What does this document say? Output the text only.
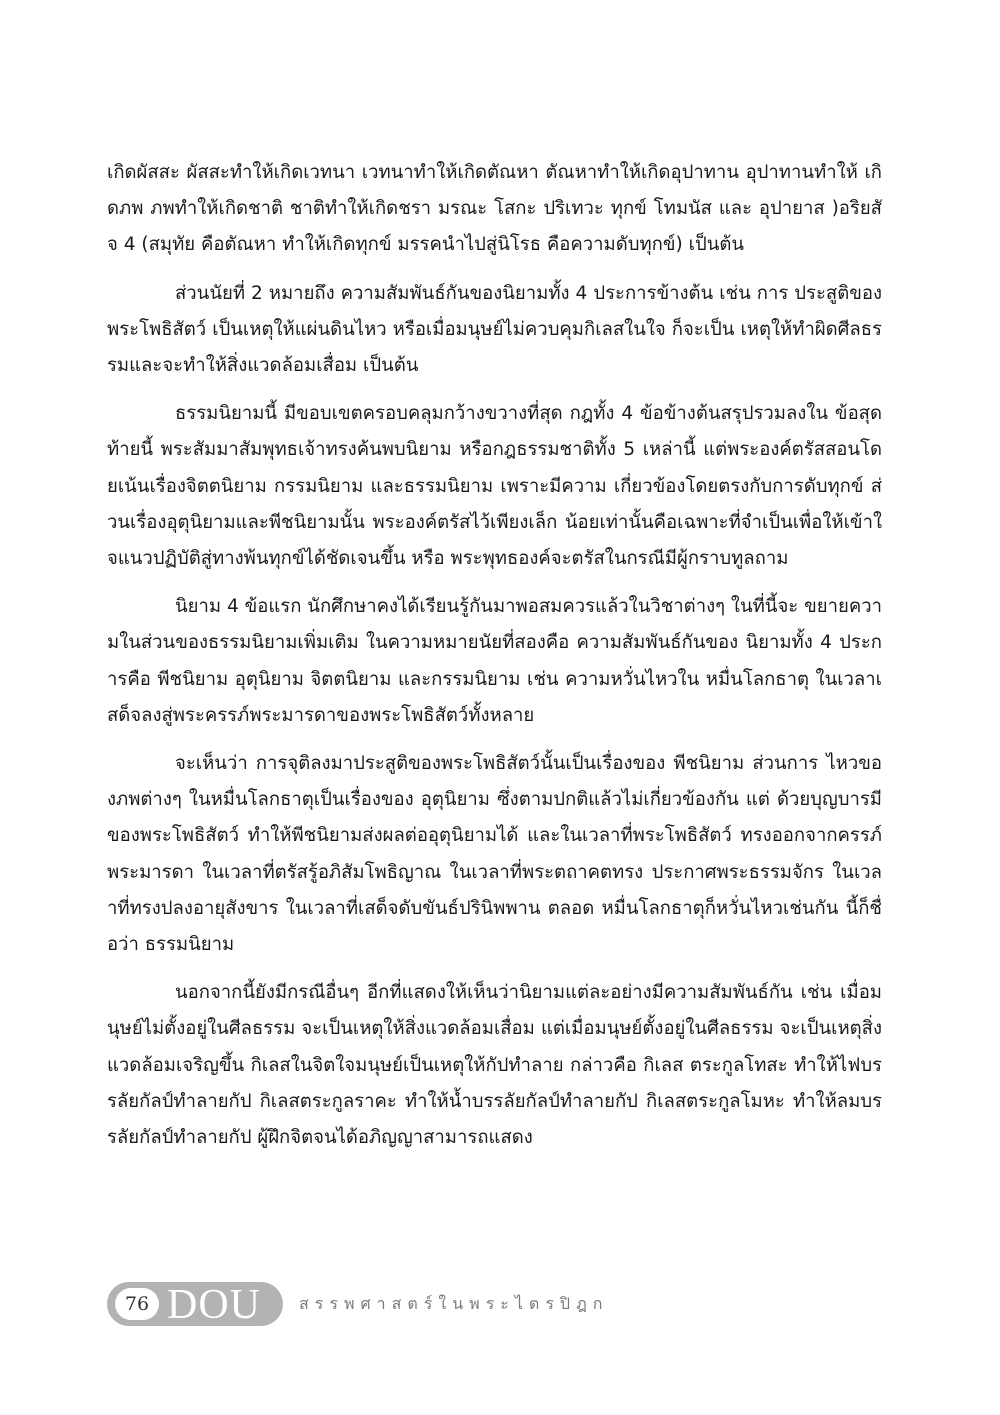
เกิดผัสสะ ผัสสะทำให้เกิดเวทนา เวทนาทำให้เกิดตัณหา ตัณหาทำให้เกิดอุปาทาน อุปาทานทำให้ เกิดภพ ภพทำให้เกิดชาติ ชาติทำให้เกิดชรา มรณะ โสกะ ปริเทวะ ทุกข์ โทมนัส และ อุปายาส )อริยสัจ 4 (สมุทัย คือตัณหา ทำให้เกิดทุกข์ มรรคนำไปสู่นิโรธ คือความดับทุกข์) เป็นต้น

ส่วนนัยที่ 2 หมายถึง ความสัมพันธ์กันของนิยามทั้ง 4 ประการข้างต้น เช่น การ ประสูติของพระโพธิสัตว์ เป็นเหตุให้แผ่นดินไหว หรือเมื่อมนุษย์ไม่ควบคุมกิเลสในใจ ก็จะเป็น เหตุให้ทำผิดศีลธรรมและจะทำให้สิ่งแวดล้อมเสื่อม เป็นต้น

ธรรมนิยามนี้ มีขอบเขตครอบคลุมกว้างขวางที่สุด กฎทั้ง 4 ข้อข้างต้นสรุปรวมลงใน ข้อสุดท้ายนี้ พระสัมมาสัมพุทธเจ้าทรงค้นพบนิยาม หรือกฎธรรมชาติทั้ง 5 เหล่านี้ แต่พระองค์ตรัสสอนโดยเน้นเรื่องจิตตนิยาม กรรมนิยาม และธรรมนิยาม เพราะมีความ เกี่ยวข้องโดยตรงกับการดับทุกข์ ส่วนเรื่องอุตุนิยามและพีชนิยามนั้น พระองค์ตรัสไว้เพียงเล็ก น้อยเท่านั้นคือเฉพาะที่จำเป็นเพื่อให้เข้าใจแนวปฏิบัติสู่ทางพ้นทุกข์ได้ชัดเจนขึ้น หรือ พระพุทธองค์จะตรัสในกรณีมีผู้กราบทูลถาม

นิยาม 4 ข้อแรก นักศึกษาคงได้เรียนรู้กันมาพอสมควรแล้วในวิชาต่างๆ ในที่นี้จะ ขยายความในส่วนของธรรมนิยามเพิ่มเติม ในความหมายนัยที่สองคือ ความสัมพันธ์กันของ นิยามทั้ง 4 ประการคือ พีชนิยาม อุตุนิยาม จิตตนิยาม และกรรมนิยาม เช่น ความหวั่นไหวใน หมื่นโลกธาตุ ในเวลาเสด็จลงสู่พระครรภ์พระมารดาของพระโพธิสัตว์ทั้งหลาย

จะเห็นว่า การจุติลงมาประสูติของพระโพธิสัตว์นั้นเป็นเรื่องของ พีชนิยาม ส่วนการ ไหวของภพต่างๆ ในหมื่นโลกธาตุเป็นเรื่องของ อุตุนิยาม ซึ่งตามปกติแล้วไม่เกี่ยวข้องกัน แต่ ด้วยบุญบารมีของพระโพธิสัตว์ ทำให้พีชนิยามส่งผลต่ออุตุนิยามได้ และในเวลาที่พระโพธิสัตว์ ทรงออกจากครรภ์พระมารดา ในเวลาที่ตรัสรู้อภิสัมโพธิญาณ ในเวลาที่พระตถาคตทรง ประกาศพระธรรมจักร ในเวลาที่ทรงปลงอายุสังขาร ในเวลาที่เสด็จดับขันธ์ปรินิพพาน ตลอด หมื่นโลกธาตุก็หวั่นไหวเช่นกัน นี้ก็ชื่อว่า ธรรมนิยาม

นอกจากนี้ยังมีกรณีอื่นๆ อีกที่แสดงให้เห็นว่านิยามแต่ละอย่างมีความสัมพันธ์กัน เช่น เมื่อมนุษย์ไม่ตั้งอยู่ในศีลธรรม จะเป็นเหตุให้สิ่งแวดล้อมเสื่อม แต่เมื่อมนุษย์ตั้งอยู่ในศีลธรรม จะเป็นเหตุสิ่งแวดล้อมเจริญขึ้น กิเลสในจิตใจมนุษย์เป็นเหตุให้กัปทำลาย กล่าวคือ กิเลส ตระกูลโทสะ ทำให้ไฟบรรลัยกัลป์ทำลายกัป กิเลสตระกูลราคะ ทำให้น้ำบรรลัยกัลป์ทำลายกัป กิเลสตระกูลโมหะ ทำให้ลมบรรลัยกัลป์ทำลายกัป ผู้ฝึกจิตจนได้อภิญญาสามารถแสดง

76 DOU สรรพศาสตร์ในพระไตรปิฎก
